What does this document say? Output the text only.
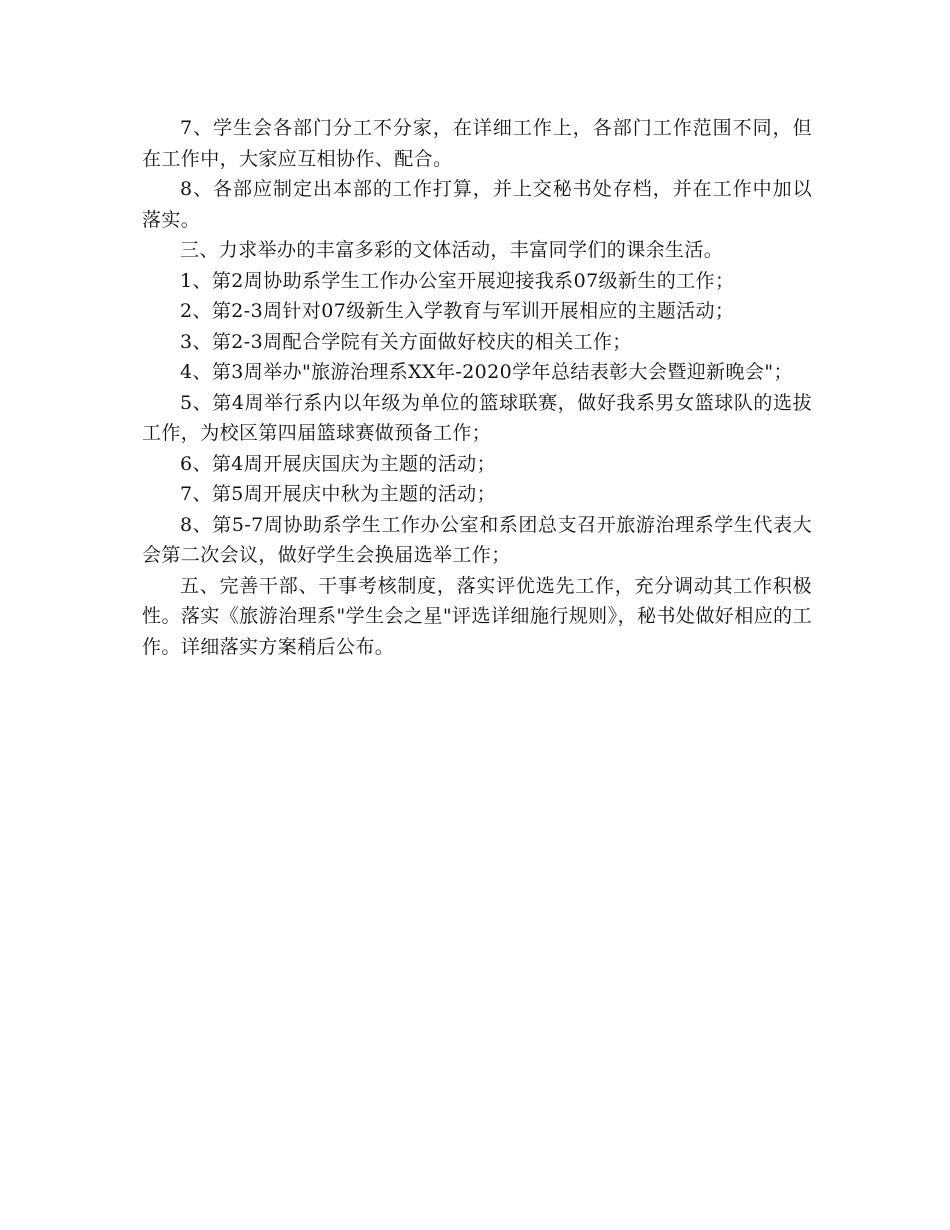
7、学生会各部门分工不分家，在详细工作上，各部门工作范围不同，但在工作中，大家应互相协作、配合。

8、各部应制定出本部的工作打算，并上交秘书处存档，并在工作中加以落实。

三、力求举办的丰富多彩的文体活动，丰富同学们的课余生活。

1、第2周协助系学生工作办公室开展迎接我系07级新生的工作；

2、第2-3周针对07级新生入学教育与军训开展相应的主题活动；

3、第2-3周配合学院有关方面做好校庆的相关工作；

4、第3周举办"旅游治理系XX年-2020学年总结表彰大会暨迎新晚会"；

5、第4周举行系内以年级为单位的篮球联赛，做好我系男女篮球队的选拔工作，为校区第四届篮球赛做预备工作；

6、第4周开展庆国庆为主题的活动；

7、第5周开展庆中秋为主题的活动；

8、第5-7周协助系学生工作办公室和系团总支召开旅游治理系学生代表大会第二次会议，做好学生会换届选举工作；

五、完善干部、干事考核制度，落实评优选先工作，充分调动其工作积极性。落实《旅游治理系"学生会之星"评选详细施行规则》，秘书处做好相应的工作。详细落实方案稍后公布。
